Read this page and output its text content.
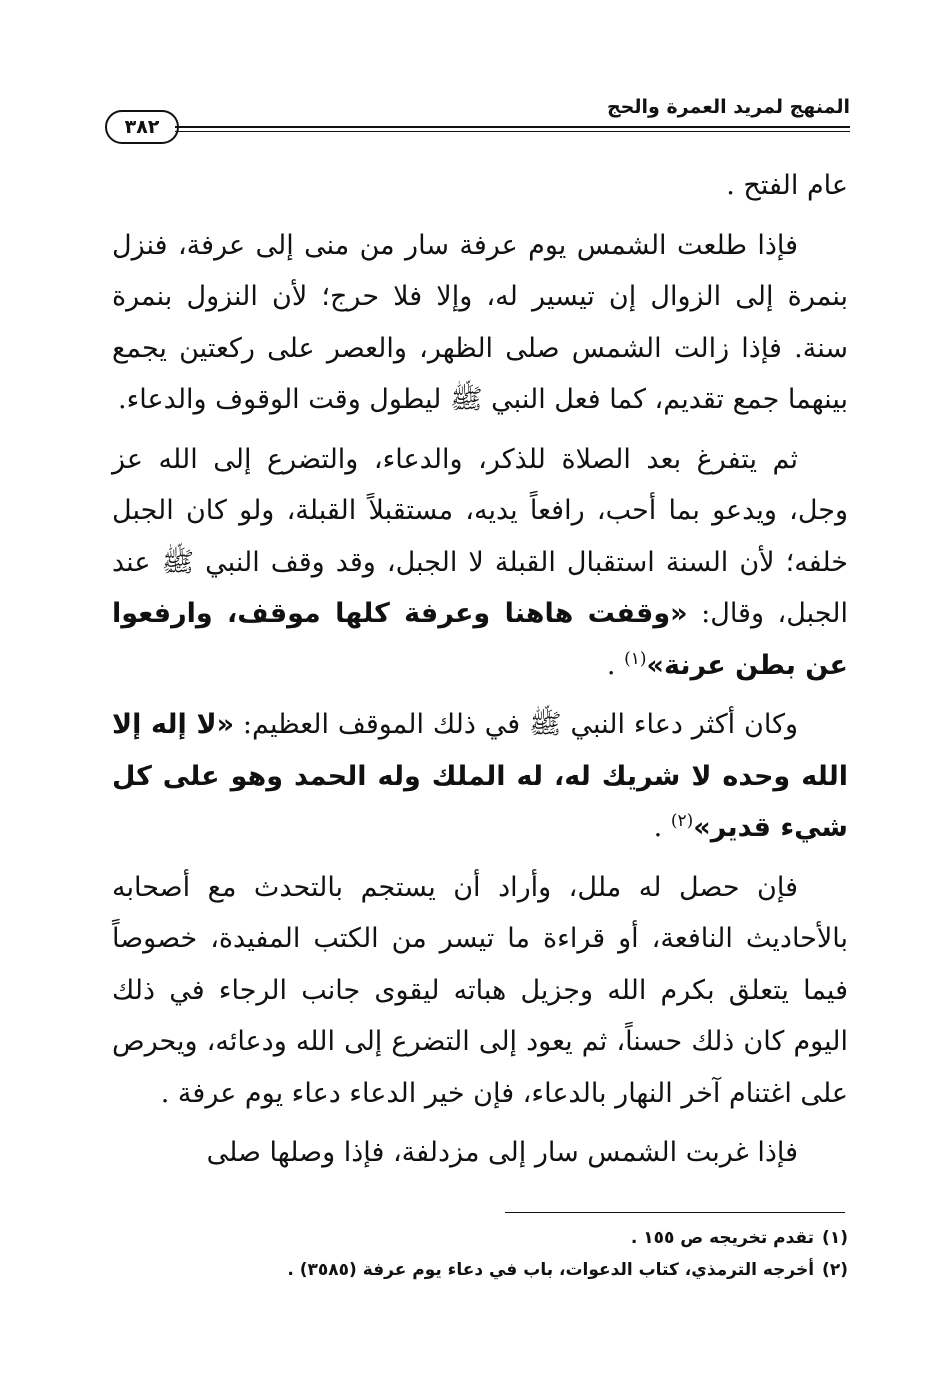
٣٨٢
المنهج لمريد العمرة والحج

عام الفتح .

فإذا طلعت الشمس يوم عرفة سار من منى إلى عرفة، فنزل بنمرة إلى الزوال إن تيسير له، وإلا فلا حرج؛ لأن النزول بنمرة سنة. فإذا زالت الشمس صلى الظهر، والعصر على ركعتين يجمع بينهما جمع تقديم، كما فعل النبي ﷺ ليطول وقت الوقوف والدعاء.

ثم يتفرغ بعد الصلاة للذكر، والدعاء، والتضرع إلى الله عز وجل، ويدعو بما أحب، رافعاً يديه، مستقبلاً القبلة، ولو كان الجبل خلفه؛ لأن السنة استقبال القبلة لا الجبل، وقد وقف النبي ﷺ عند الجبل، وقال: «وقفت هاهنا وعرفة كلها موقف، وارفعوا عن بطن عرنة»$^{(١)}$ .

وكان أكثر دعاء النبي ﷺ في ذلك الموقف العظيم: «لا إله إلا الله وحده لا شريك له، له الملك وله الحمد وهو على كل شيء قدير»$^{(٢)}$ .

فإن حصل له ملل، وأراد أن يستجم بالتحدث مع أصحابه بالأحاديث النافعة، أو قراءة ما تيسر من الكتب المفيدة، خصوصاً فيما يتعلق بكرم الله وجزيل هباته ليقوى جانب الرجاء في ذلك اليوم كان ذلك حسناً، ثم يعود إلى التضرع إلى الله ودعائه، ويحرص على اغتنام آخر النهار بالدعاء، فإن خير الدعاء دعاء يوم عرفة .

فإذا غربت الشمس سار إلى مزدلفة، فإذا وصلها صلى

(١)تقدم تخريجه ص ١٥٥ .
(٢)أخرجه الترمذي، كتاب الدعوات، باب في دعاء يوم عرفة (٣٥٨٥) .
